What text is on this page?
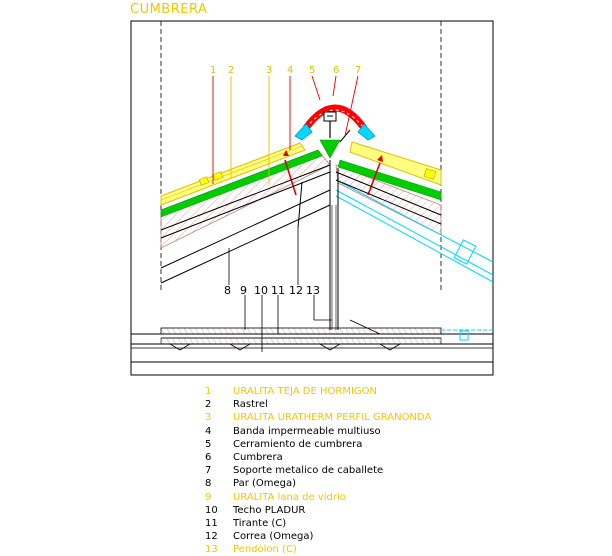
CUMBRERA
1 2	3 4 5 6 7
8 9 10 11 12 13
1	URALITA TEJA DE HORMIGON
2	Rastrel
3	URALITA URATHERM PERFIL GRANONDA
4	Banda impermeable multiuso
5	Cerramiento de cumbrera
6	Cumbrera
7	Soporte metalico de caballete
8	Par (Omega)
9	URALITA lana de vidrio
10	Techo PLADUR
11	Tirante (C)
12	Correa (Omega)
13	Pendolon (C)
